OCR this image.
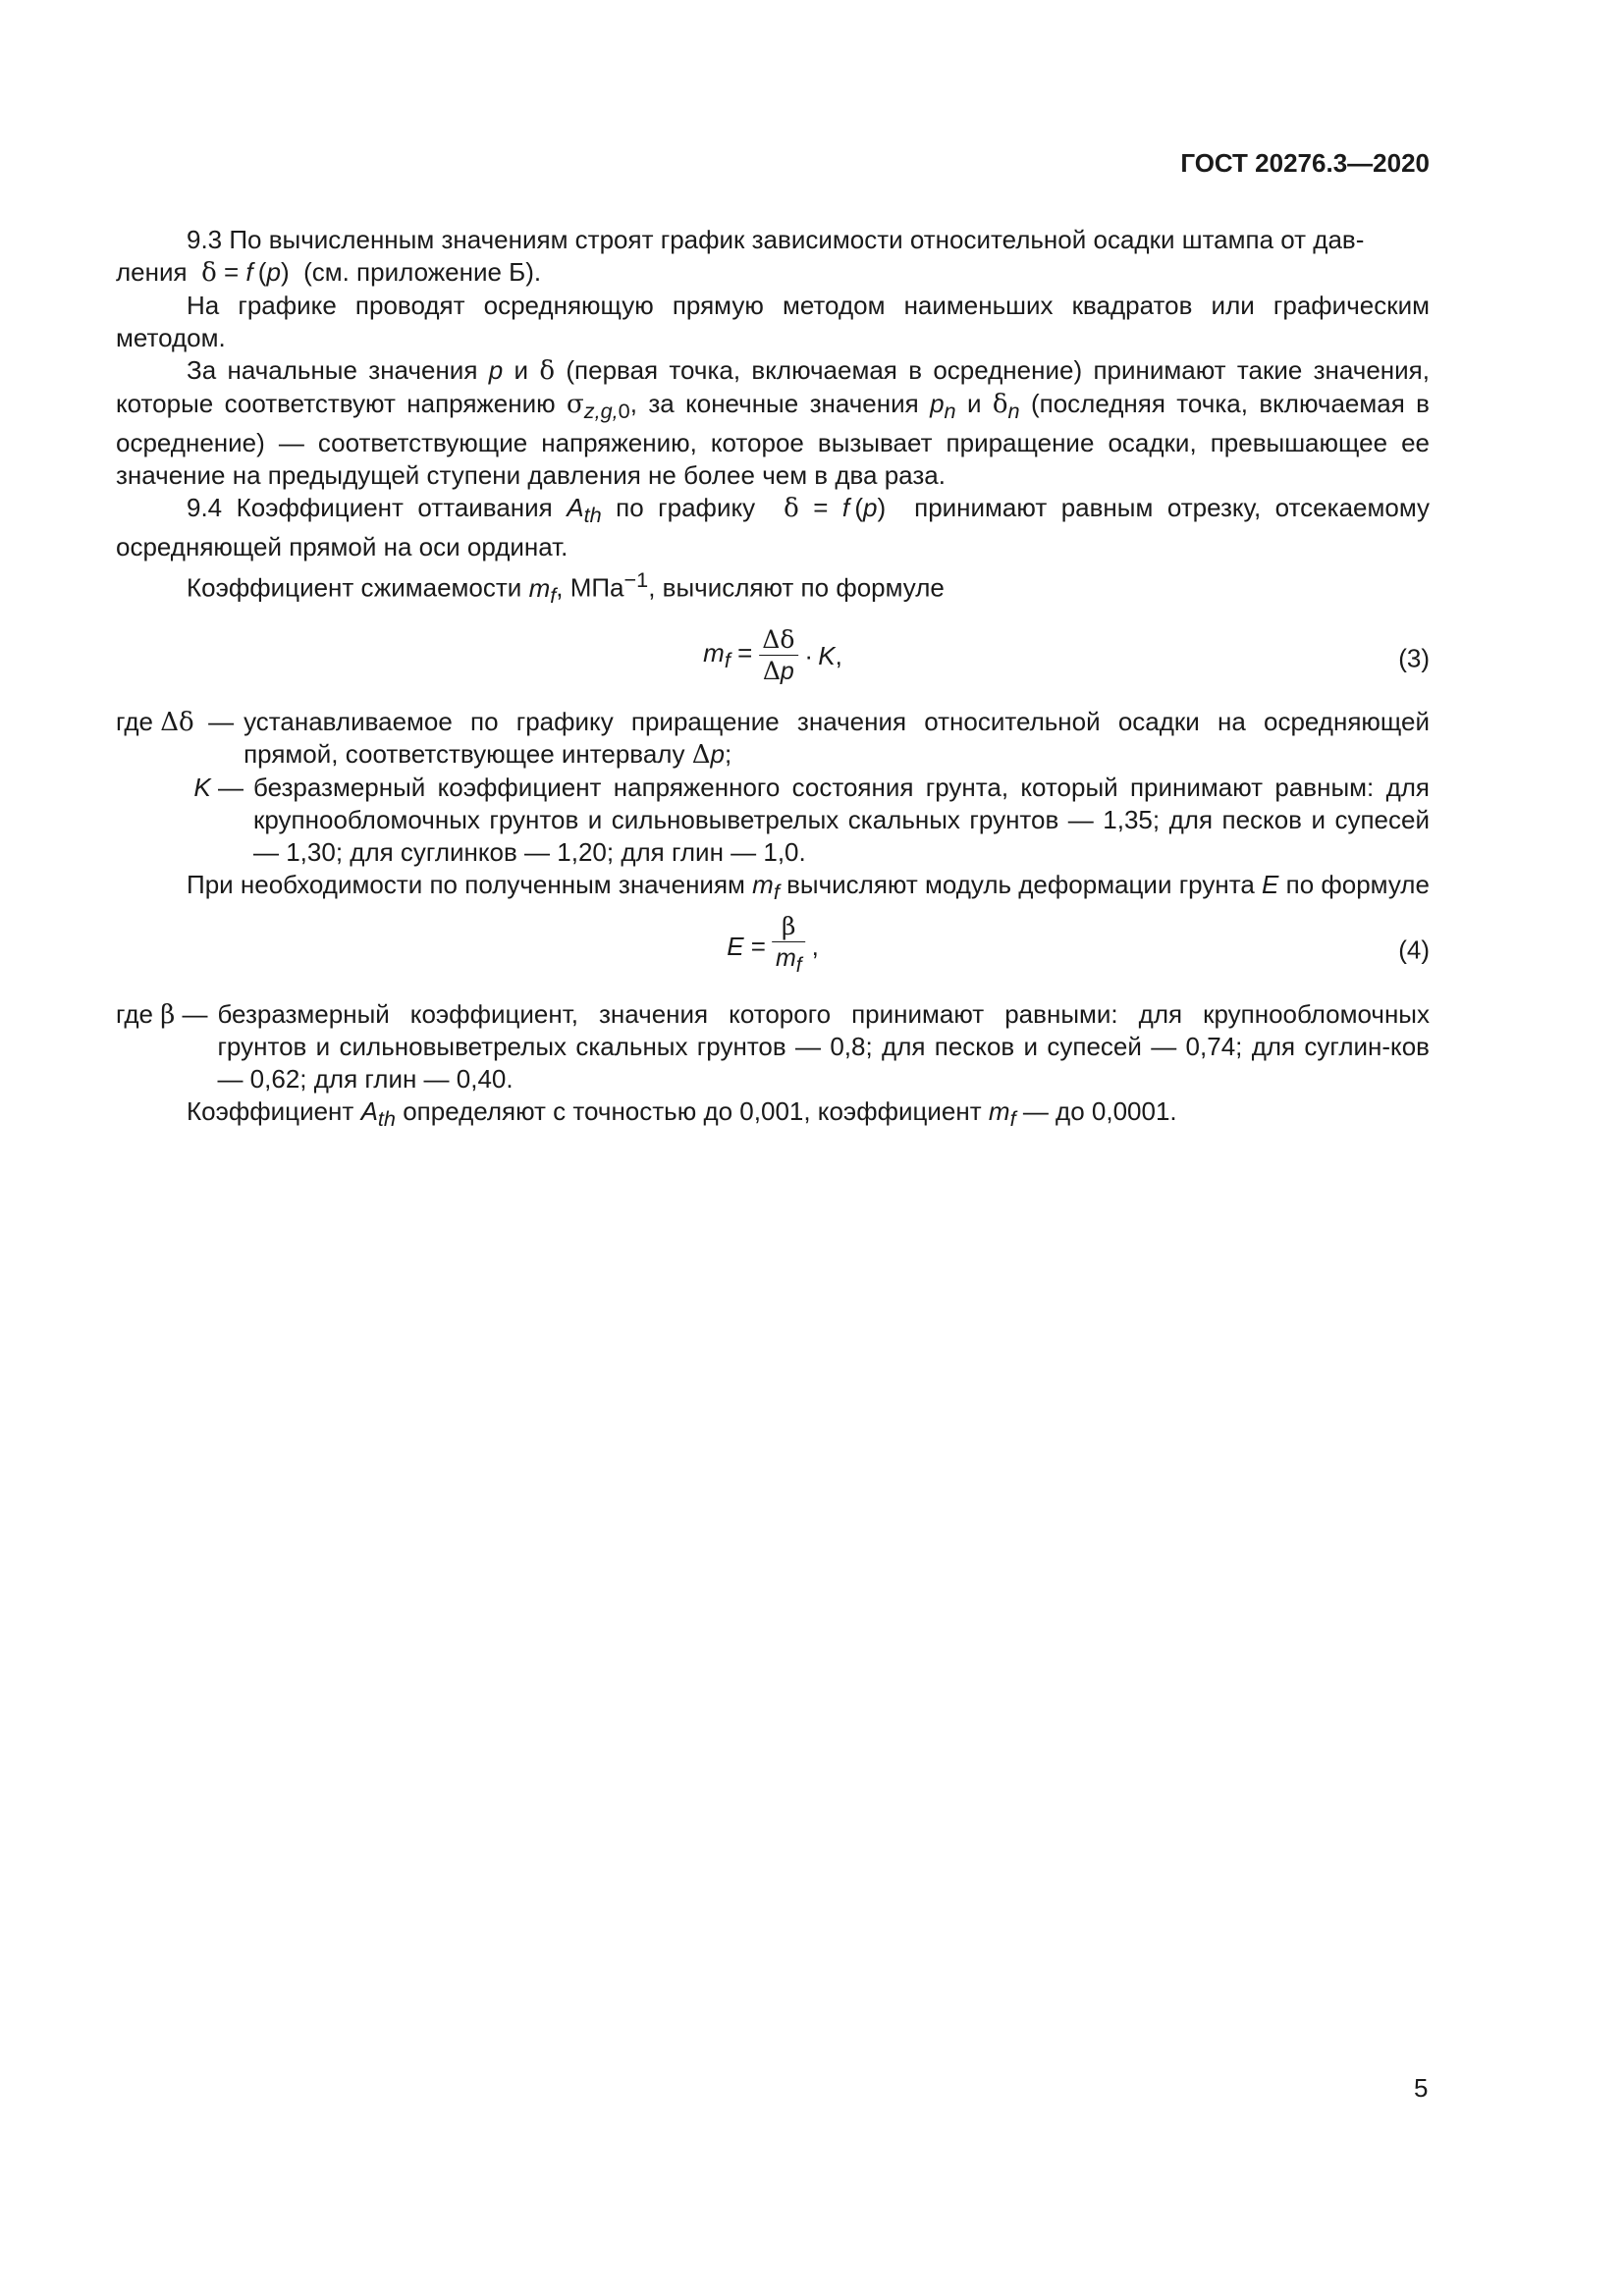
ГОСТ 20276.3—2020

9.3 По вычисленным значениям строят график зависимости относительной осадки штампа от дав-
ления δ = f (p)  (см. приложение Б).

На графике проводят осредняющую прямую методом наименьших квадратов или графическим методом.

За начальные значения p и δ (первая точка, включаемая в осреднение) принимают такие значения, которые соответствуют напряжению $\sigma_{z,g,0}$, за конечные значения $p_n$ и $\delta_n$ (последняя точка, включаемая в осреднение) — соответствующие напряжению, которое вызывает приращение осадки, превышающее ее значение на предыдущей ступени давления не более чем в два раза.

9.4 Коэффициент оттаивания $A_{th}$ по графику δ = f (p)  принимают равным отрезку, отсекаемому осредняющей прямой на оси ординат.

Коэффициент сжимаемости $m_f$, МПа$^{-1}$, вычисляют по формуле

$m_f = \frac{\Delta\delta}{\Delta p} \cdot K$,	(3)
где Δδ — устанавливаемое по графику приращение значения относительной осадки на осредняющей прямой, соответствующее интервалу Δp;
K — безразмерный коэффициент напряженного состояния грунта, который принимают равным: для крупнообломочных грунтов и сильновыветрелых скальных грунтов — 1,35; для песков и супесей — 1,30; для суглинков — 1,20; для глин — 1,0.

При необходимости по полученным значениям $m_f$ вычисляют модуль деформации грунта E по формуле

$E = \frac{\beta}{m_f}$ ,	(4)
где β — безразмерный коэффициент, значения которого принимают равными: для крупнообломочных грунтов и сильновыветрелых скальных грунтов — 0,8; для песков и супесей — 0,74; для суглин-ков — 0,62; для глин — 0,40.

Коэффициент $A_{th}$ определяют с точностью до 0,001, коэффициент $m_f$ — до 0,0001.

5
